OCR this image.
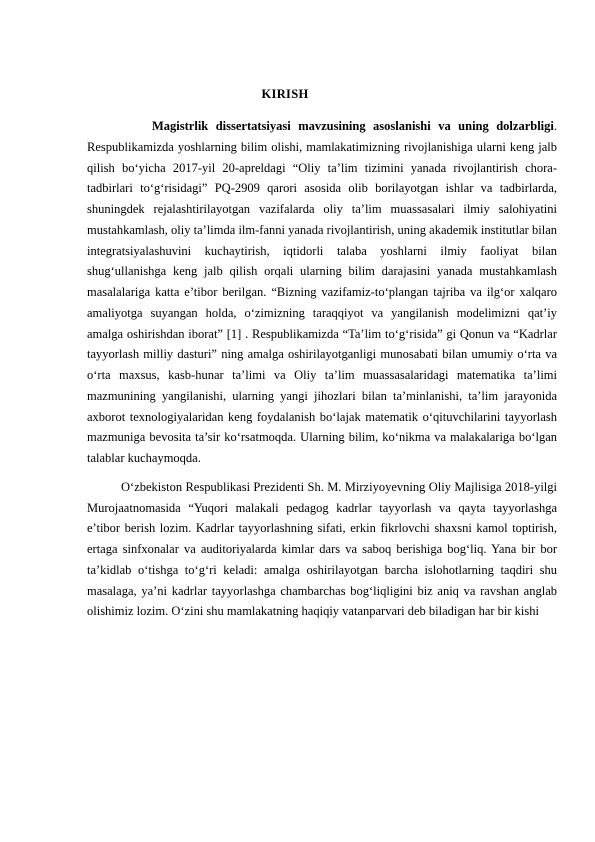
KIRISH

Magistrlik dissertatsiyasi mavzusining asoslanishi va uning dolzarbligi. Respublikamizda yoshlarning bilim olishi, mamlakatimizning rivojlanishiga ularni keng jalb qilish bo‘yicha 2017-yil 20-apreldagi “Oliy ta’lim tizimini yanada rivojlantirish chora-tadbirlari to‘g‘risidagi” PQ-2909 qarori asosida olib borilayotgan ishlar va tadbirlarda, shuningdek rejalashtirilayotgan vazifalarda oliy ta’lim muassasalari ilmiy salohiyatini mustahkamlash, oliy ta’limda ilm-fanni yanada rivojlantirish, uning akademik institutlar bilan integratsiyalashuvini kuchaytirish, iqtidorli talaba yoshlarni ilmiy faoliyat bilan shug‘ullanishga keng jalb qilish orqali ularning bilim darajasini yanada mustahkamlash masalalariga katta e’tibor berilgan. “Bizning vazifamiz-to‘plangan tajriba va ilg‘or xalqaro amaliyotga suyangan holda, o‘zimizning taraqqiyot va yangilanish modelimizni qat’iy amalga oshirishdan iborat” [1] . Respublikamizda “Ta’lim to‘g‘risida” gi Qonun va “Kadrlar tayyorlash milliy dasturi” ning amalga oshirilayotganligi munosabati bilan umumiy o‘rta va o‘rta maxsus, kasb-hunar ta’limi va Oliy ta’lim muassasalaridagi matematika ta’limi mazmunining yangilanishi, ularning yangi jihozlari bilan ta’minlanishi, ta’lim jarayonida axborot texnologiyalaridan keng foydalanish bo‘lajak matematik o‘qituvchilarini tayyorlash mazmuniga bevosita ta’sir ko‘rsatmoqda. Ularning bilim, ko‘nikma va malakalariga bo‘lgan talablar kuchaymoqda.

O‘zbekiston Respublikasi Prezidenti Sh. M. Mirziyoyevning Oliy Majlisiga 2018-yilgi Murojaatnomasida “Yuqori malakali pedagog kadrlar tayyorlash va qayta tayyorlashga e’tibor berish lozim. Kadrlar tayyorlashning sifati, erkin fikrlovchi shaxsni kamol toptirish, ertaga sinfxonalar va auditoriyalarda kimlar dars va saboq berishiga bog‘liq. Yana bir bor ta’kidlab o‘tishga to‘g‘ri keladi: amalga oshirilayotgan barcha islohotlarning taqdiri shu masalaga, ya’ni kadrlar tayyorlashga chambarchas bog‘liqligini biz aniq va ravshan anglab olishimiz lozim. O‘zini shu mamlakatning haqiqiy vatanparvari deb biladigan har bir kishi
